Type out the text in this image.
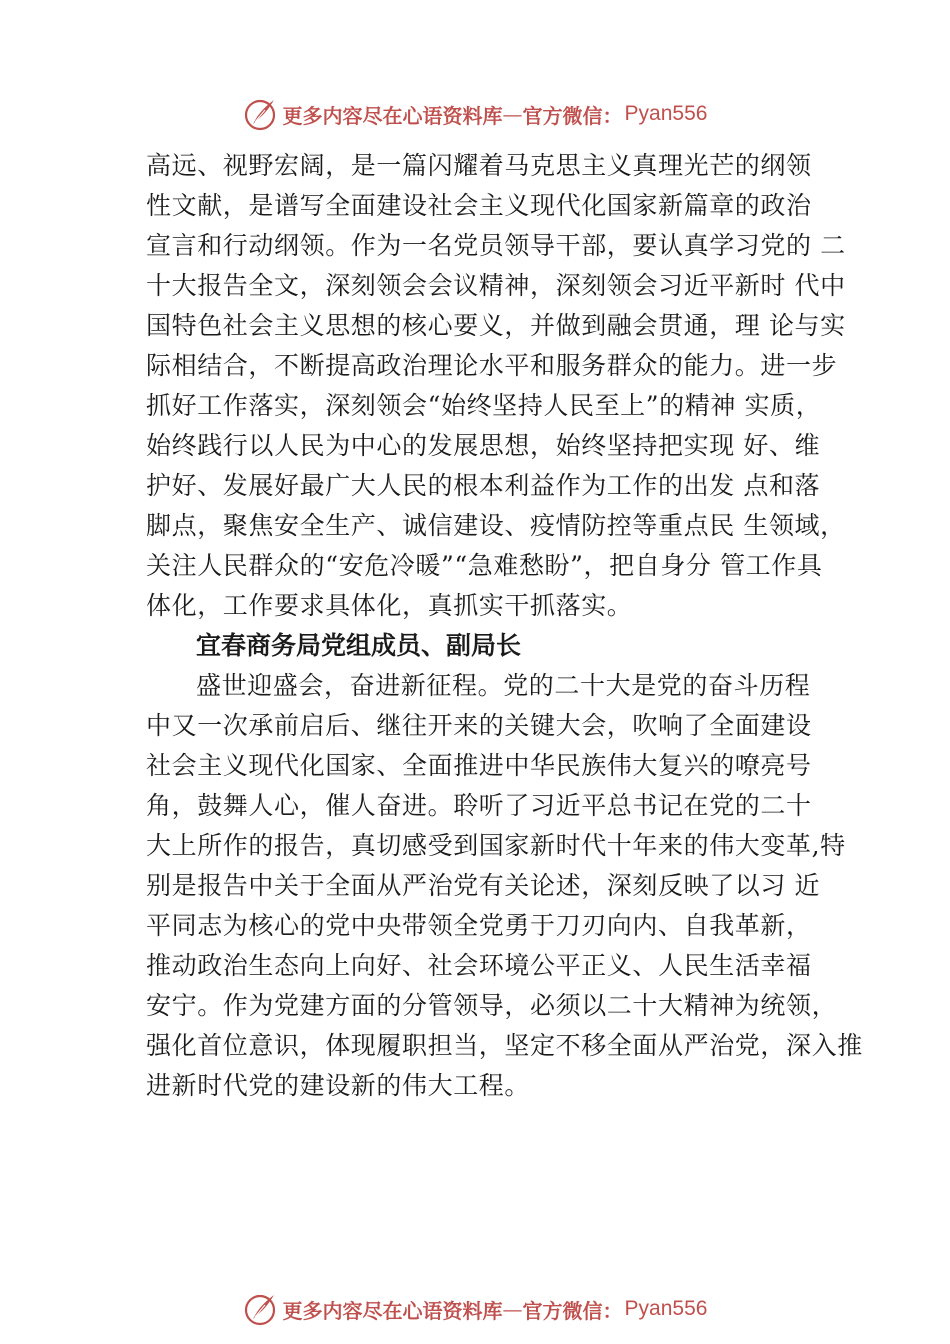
更多内容尽在心语资料库 — 官方微信： Pyan556
高远、视野宏阔，是一篇闪耀着马克思主义真理光芒的纲领
性文献，是谱写全面建设社会主义现代化国家新篇章的政治
宣言和行动纲领。作为一名党员领导干部，要认真学习党的 二
十大报告全文，深刻领会会议精神，深刻领会习近平新时 代中
国特色社会主义思想的核心要义，并做到融会贯通，理 论与实
际相结合，不断提高政治理论水平和服务群众的能力。进一步
抓好工作落实，深刻领会“始终坚持人民至上”的精神 实质，
始终践行以人民为中心的发展思想，始终坚持把实现 好、维
护好、发展好最广大人民的根本利益作为工作的出发 点和落
脚点，聚焦安全生产、诚信建设、疫情防控等重点民 生领域，
关注人民群众的“安危冷暖”“急难愁盼”，把自身分 管工作具
体化，工作要求具体化，真抓实干抓落实。
宜春商务局党组成员、副局长
盛世迎盛会，奋进新征程。党的二十大是党的奋斗历程
中又一次承前启后、继往开来的关键大会，吹响了全面建设
社会主义现代化国家、全面推进中华民族伟大复兴的嘹亮号
角，鼓舞人心，催人奋进。聆听了习近平总书记在党的二十
大上所作的报告，真切感受到国家新时代十年来的伟大变革,特
别是报告中关于全面从严治党有关论述，深刻反映了以习 近
平同志为核心的党中央带领全党勇于刀刃向内、自我革新，
推动政治生态向上向好、社会环境公平正义、人民生活幸福
安宁。作为党建方面的分管领导，必须以二十大精神为统领，
强化首位意识，体现履职担当，坚定不移全面从严治党，深入推
进新时代党的建设新的伟大工程。
更多内容尽在心语资料库 — 官方微信： Pyan556
